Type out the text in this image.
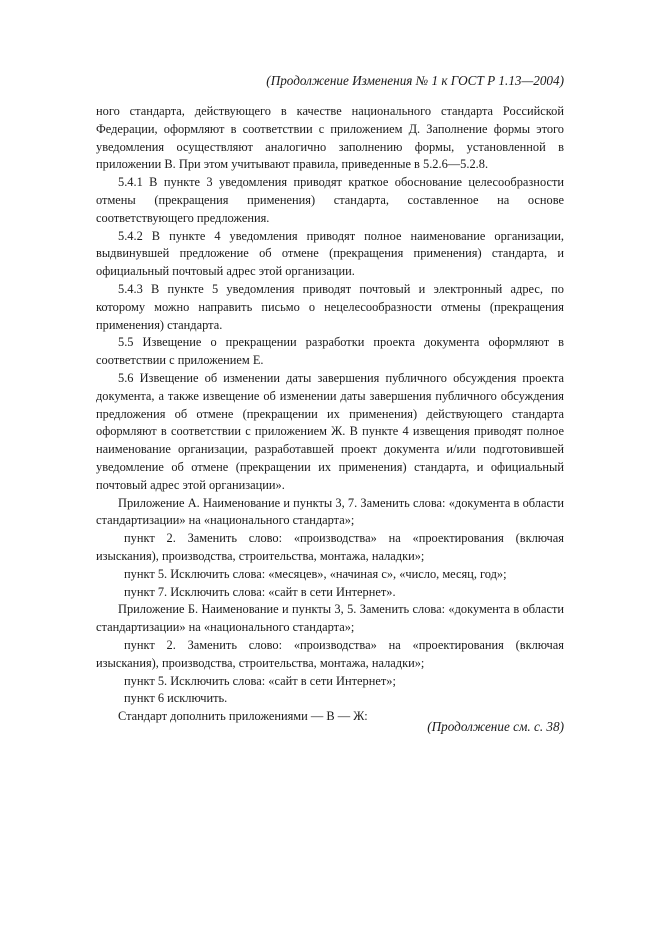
(Продолжение Изменения № 1 к ГОСТ Р 1.13—2004)

ного стандарта, действующего в качестве национального стандарта Российской Федерации, оформляют в соответствии с приложением Д. Заполнение формы этого уведомления осуществляют аналогично заполнению формы, установленной в приложении В. При этом учитывают правила, приведенные в 5.2.6—5.2.8.

5.4.1 В пункте 3 уведомления приводят краткое обоснование целесообразности отмены (прекращения применения) стандарта, составленное на основе соответствующего предложения.

5.4.2 В пункте 4 уведомления приводят полное наименование организации, выдвинувшей предложение об отмене (прекращения применения) стандарта, и официальный почтовый адрес этой организации.

5.4.3 В пункте 5 уведомления приводят почтовый и электронный адрес, по которому можно направить письмо о нецелесообразности отмены (прекращения применения) стандарта.

5.5 Извещение о прекращении разработки проекта документа оформляют в соответствии с приложением Е.

5.6 Извещение об изменении даты завершения публичного обсуждения проекта документа, а также извещение об изменении даты завершения публичного обсуждения предложения об отмене (прекращении их применения) действующего стандарта оформляют в соответствии с приложением Ж. В пункте 4 извещения приводят полное наименование организации, разработавшей проект документа и/или подготовившей уведомление об отмене (прекращении их применения) стандарта, и официальный почтовый адрес этой организации».

Приложение А. Наименование и пункты 3, 7. Заменить слова: «документа в области стандартизации» на «национального стандарта»;

пункт 2. Заменить слово: «производства» на «проектирования (включая изыскания), производства, строительства, монтажа, наладки»;

пункт 5. Исключить слова: «месяцев», «начиная с», «число, месяц, год»;

пункт 7. Исключить слова: «сайт в сети Интернет».

Приложение Б. Наименование и пункты 3, 5. Заменить слова: «документа в области стандартизации» на «национального стандарта»;

пункт 2. Заменить слово: «производства» на «проектирования (включая изыскания), производства, строительства, монтажа, наладки»;

пункт 5. Исключить слова: «сайт в сети Интернет»;

пункт 6 исключить.

Стандарт дополнить приложениями — В — Ж:

(Продолжение см. с. 38)
